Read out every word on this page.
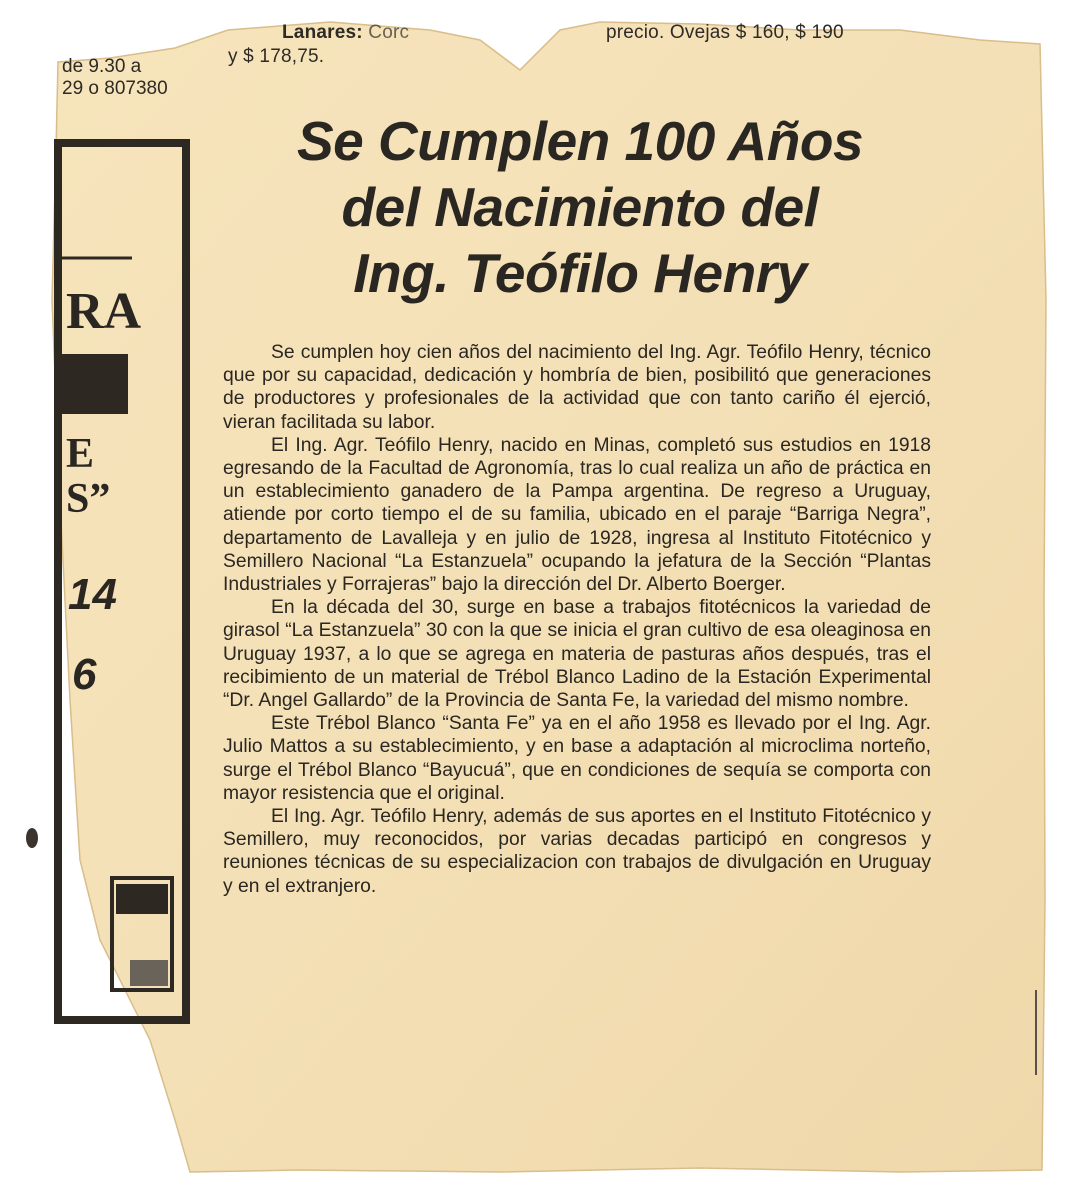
Lanares: Corc	precio. Ovejas $ 160, $ 190
y $ 178,75.
de 9.30 a
29 o 807380
RA
E
S”
14
6
Se Cumplen 100 Años
del Nacimiento del
Ing. Teófilo Henry

Se cumplen hoy cien años del nacimiento del Ing. Agr. Teófilo Henry, técnico que por su capacidad, dedicación y hombría de bien, posibilitó que generaciones de productores y profesionales de la actividad que con tanto cariño él ejerció, vieran facilitada su labor.

El Ing. Agr. Teófilo Henry, nacido en Minas, completó sus estudios en 1918 egresando de la Facultad de Agronomía, tras lo cual realiza un año de práctica en un establecimiento ganadero de la Pampa argentina. De regreso a Uruguay, atiende por corto tiempo el de su familia, ubicado en el paraje “Barriga Negra”, departamento de Lavalleja y en julio de 1928, ingresa al Instituto Fitotécnico y Semillero Nacional “La Estanzuela” ocupando la jefatura de la Sección “Plantas Industriales y Forrajeras” bajo la dirección del Dr. Alberto Boerger.

En la década del 30, surge en base a trabajos fitotécnicos la variedad de girasol “La Estanzuela” 30 con la que se inicia el gran cultivo de esa oleaginosa en Uruguay 1937, a lo que se agrega en materia de pasturas años después, tras el recibimiento de un material de Trébol Blanco Ladino de la Estación Experimental “Dr. Angel Gallardo” de la Provincia de Santa Fe, la variedad del mismo nombre.

Este Trébol Blanco “Santa Fe” ya en el año 1958 es llevado por el Ing. Agr. Julio Mattos a su establecimiento, y en base a adaptación al microclima norteño, surge el Trébol Blanco “Bayucuá”, que en condiciones de sequía se comporta con mayor resistencia que el original.

El Ing. Agr. Teófilo Henry, además de sus aportes en el Instituto Fitotécnico y Semillero, muy reconocidos, por varias decadas participó en congresos y reuniones técnicas de su especializacion con trabajos de divulgación en Uruguay y en el extranjero.
